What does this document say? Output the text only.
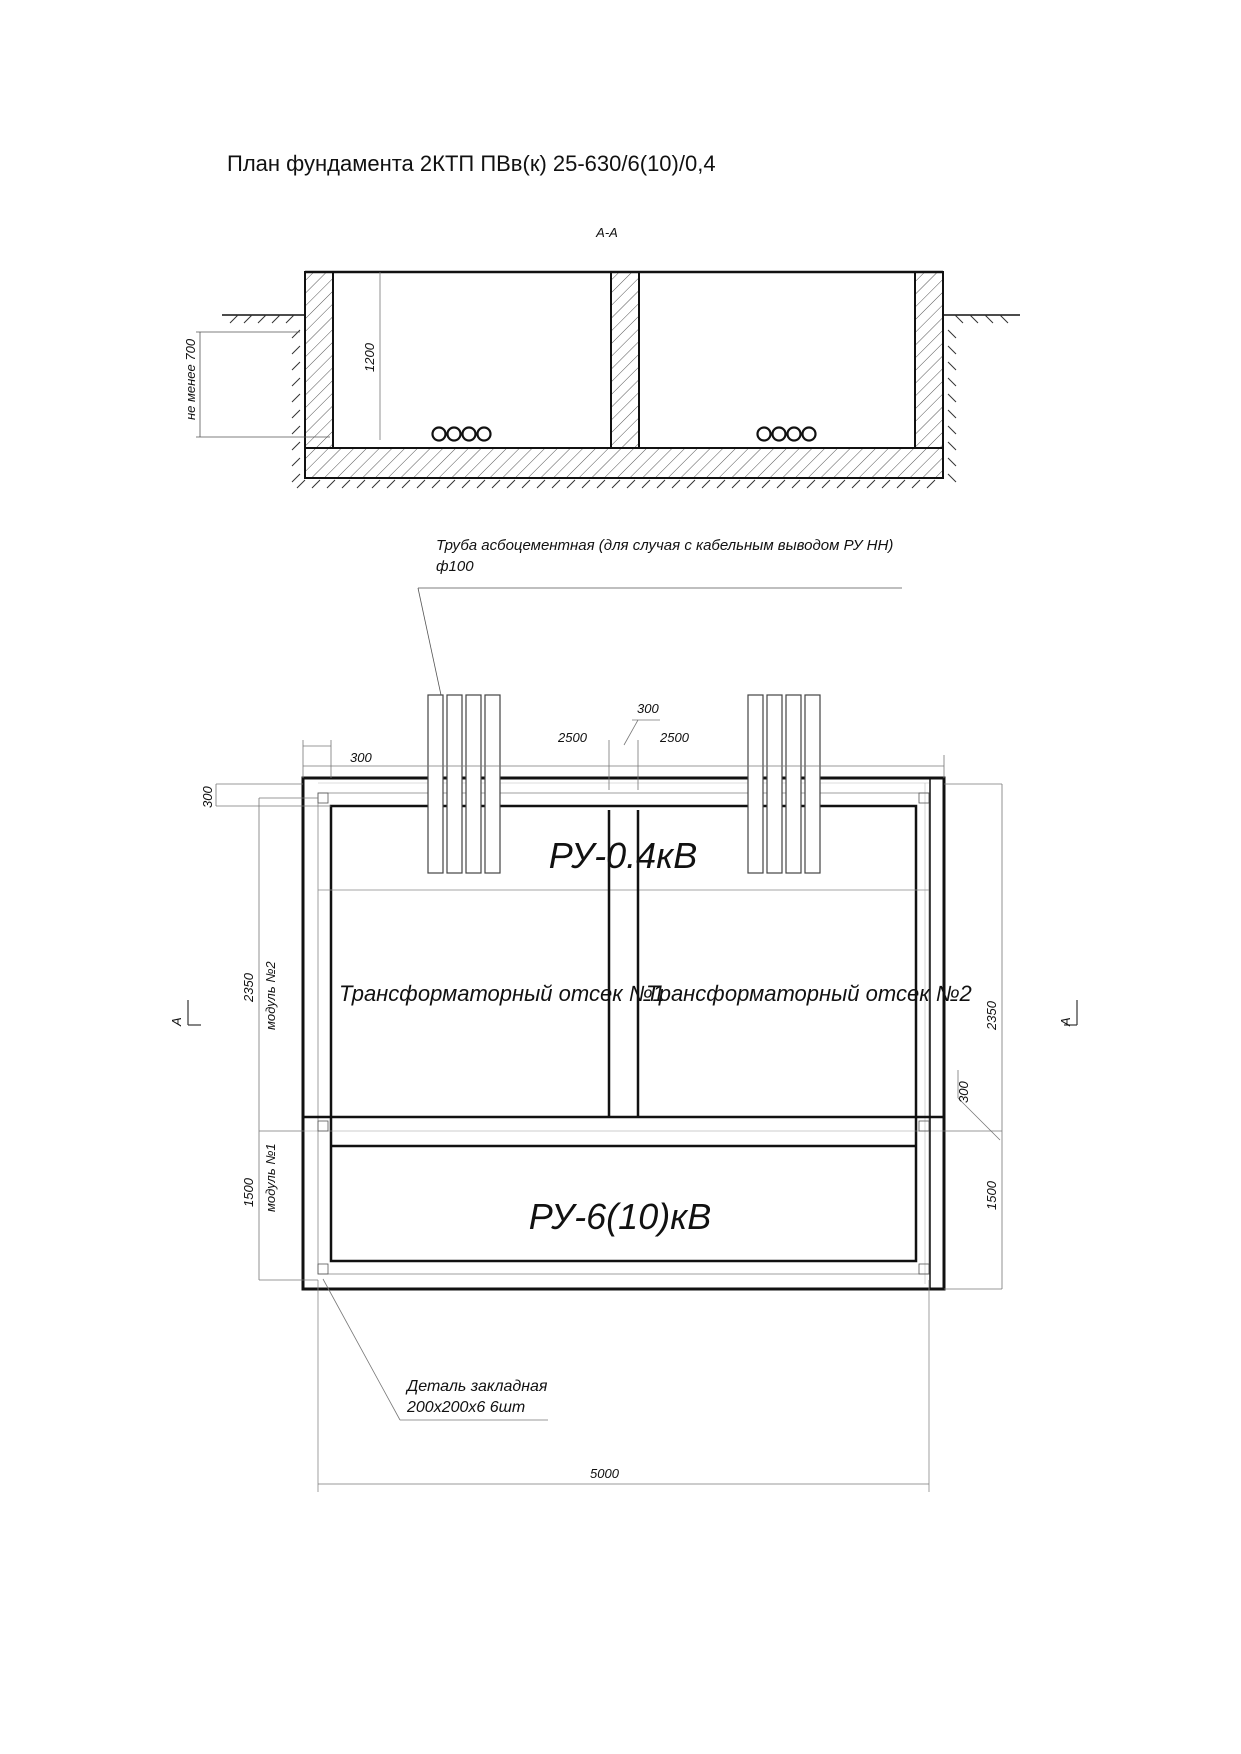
План фундамента 2КТП ПВв(к) 25-630/6(10)/0,4
А-А
1200
не менее 700
Труба асбоцементная (для случая с кабельным выводом РУ НН)
ф100
РУ-0.4кВ
Трансформаторный отсек №1
Трансформаторный отсек №2
РУ-6(10)кВ
300
2500	2500
300
300
2350 модуль №2
1500 модуль №1
2350
1500
300
А	А
5000
Деталь закладная
200х200х6 6шт
